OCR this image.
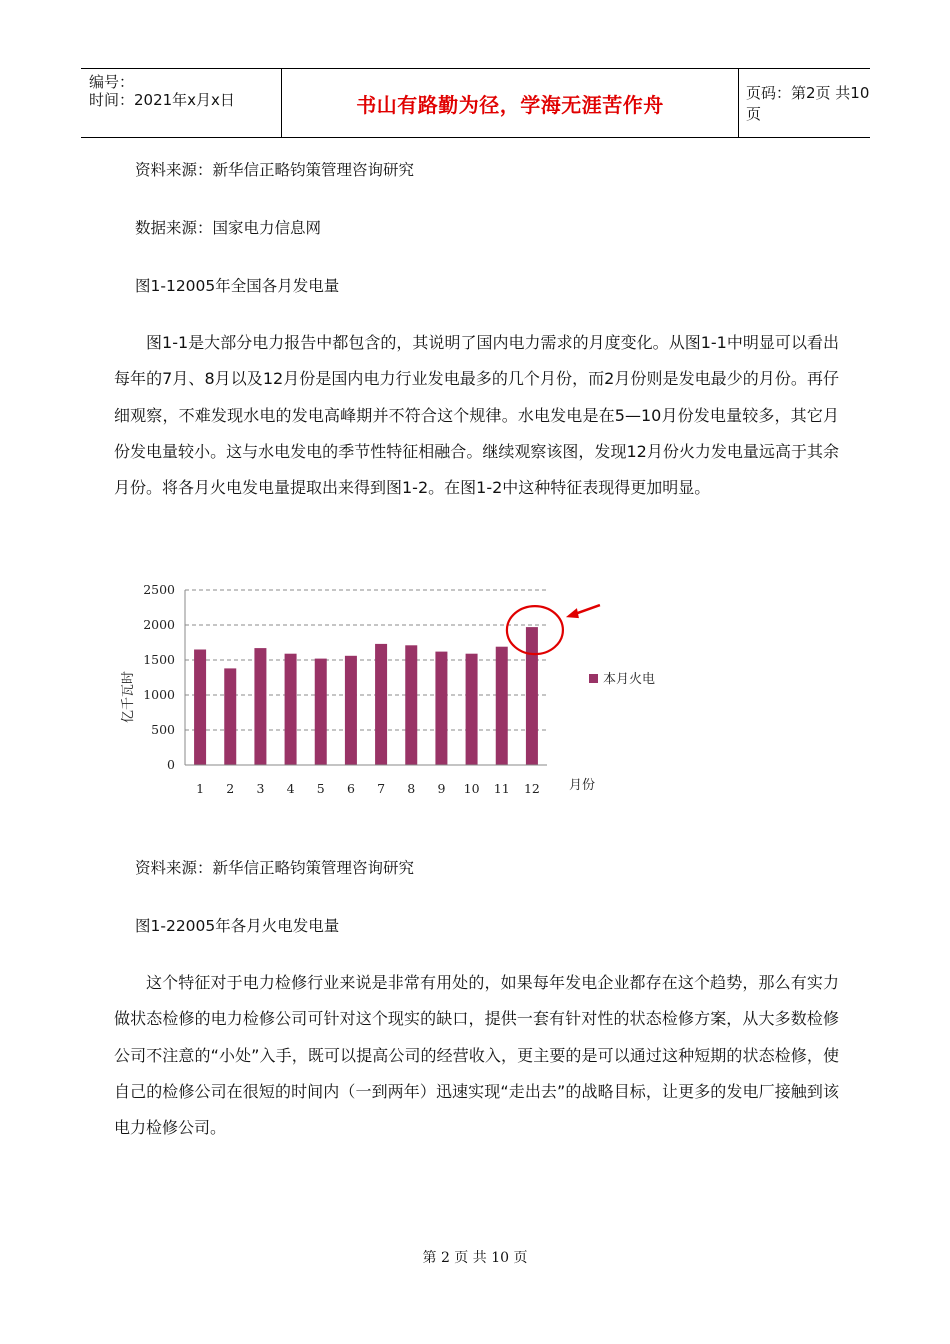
编号：
时间：2021年x月x日	书山有路勤为径，学海无涯苦作舟	页码：第2页 共10页
资料来源：新华信正略钧策管理咨询研究
数据来源：国家电力信息网
图1-12005年全国各月发电量
图1-1是大部分电力报告中都包含的，其说明了国内电力需求的月度变化。从图1-1中明显可以看出每年的7月、8月以及12月份是国内电力行业发电最多的几个月份，而2月份则是发电最少的月份。再仔细观察，不难发现水电的发电高峰期并不符合这个规律。水电发电是在5—10月份发电量较多，其它月份发电量较小。这与水电发电的季节性特征相融合。继续观察该图，发现12月份火力发电量远高于其余月份。将各月火电发电量提取出来得到图1-2。在图1-2中这种特征表现得更加明显。
0
500
1000
1500
2000
2500
1 2 3 4 5 6 7 8 9 10 11 12
亿千瓦时
月份
本月火电
资料来源：新华信正略钧策管理咨询研究
图1-22005年各月火电发电量
这个特征对于电力检修行业来说是非常有用处的，如果每年发电企业都存在这个趋势，那么有实力做状态检修的电力检修公司可针对这个现实的缺口，提供一套有针对性的状态检修方案，从大多数检修公司不注意的“小处”入手，既可以提高公司的经营收入，更主要的是可以通过这种短期的状态检修，使自己的检修公司在很短的时间内（一到两年）迅速实现“走出去”的战略目标，让更多的发电厂接触到该电力检修公司。
第 2 页 共 10 页
